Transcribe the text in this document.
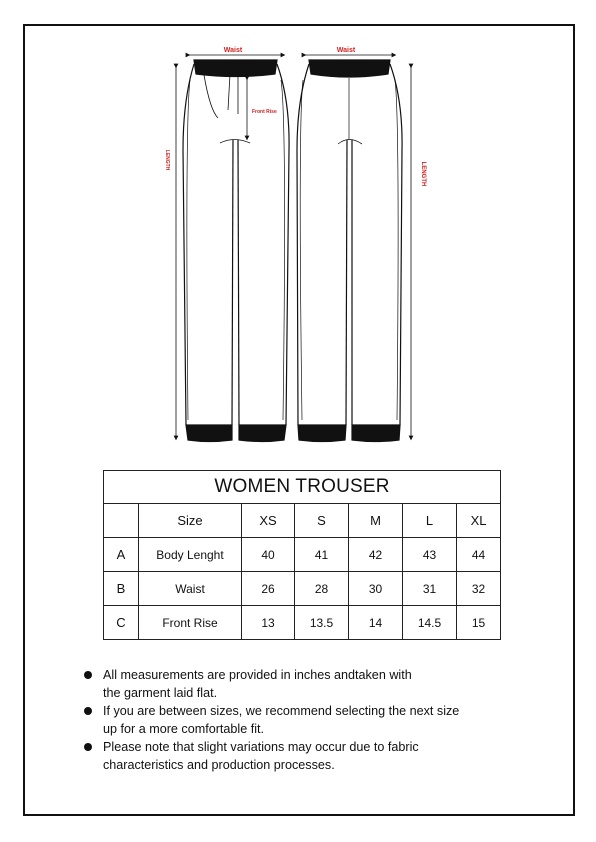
Waist
Front Rise
LENGTH
Waist
LENGTH
WOMEN TROUSER						
	Size	XS	S	M	L	XL
A	Body Lenght	40	41	42	43	44
B	Waist	26	28	30	31	32
C	Front Rise	13	13.5	14	14.5	15
All measurements are provided in inches andtaken with
the garment laid flat.
If you are between sizes, we recommend selecting the next size
up for a more comfortable fit.
Please note that slight variations may occur due to fabric
characteristics and production processes.
